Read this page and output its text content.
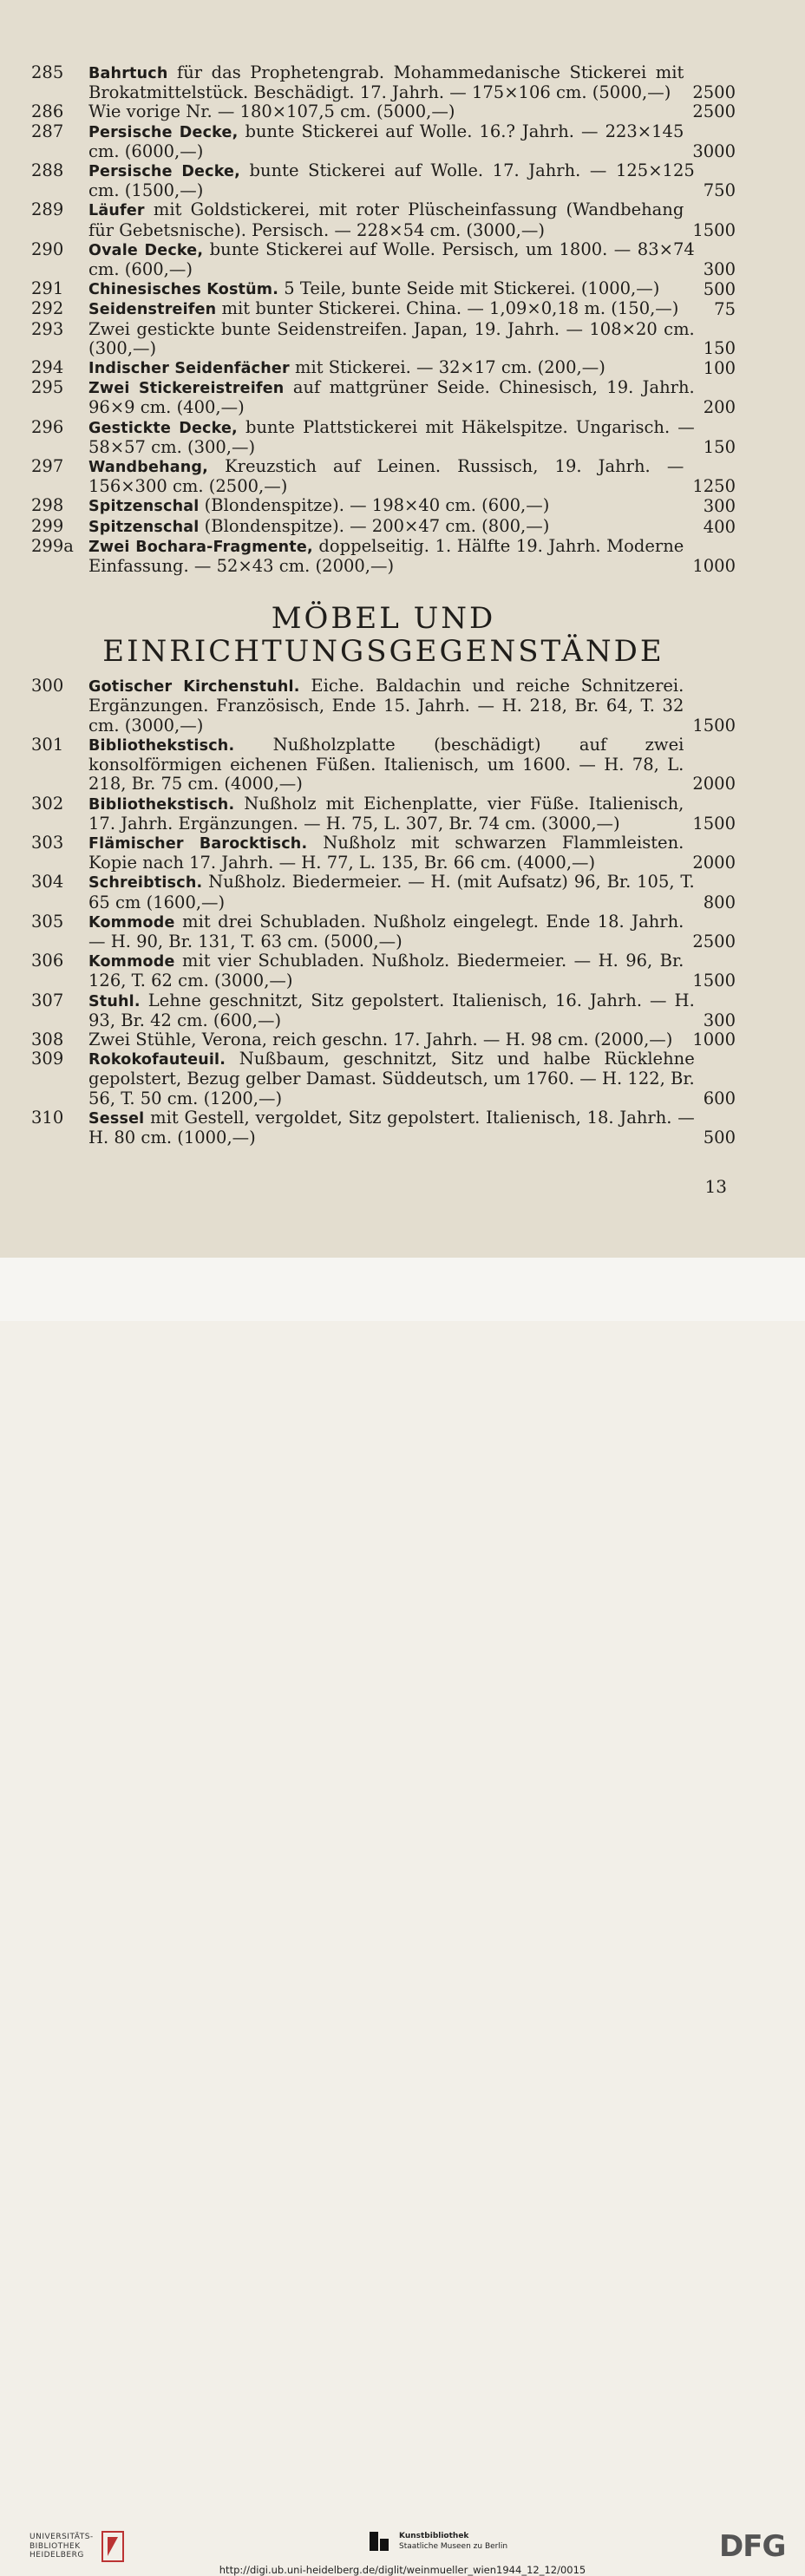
285	Bahrtuch für das Prophetengrab. Mohammedanische Stickerei mit Brokatmittelstück. Beschädigt. 17. Jahrh. — 175×106 cm. (5000,—)	2500
286	Wie vorige Nr. — 180×107,5 cm. (5000,—)	2500
287	Persische Decke, bunte Stickerei auf Wolle. 16.? Jahrh. — 223×145 cm. (6000,—)	3000
288	Persische Decke, bunte Stickerei auf Wolle. 17. Jahrh. — 125×125 cm. (1500,—)	750
289	Läufer mit Goldstickerei, mit roter Plüscheinfassung (Wandbehang für Gebetsnische). Persisch. — 228×54 cm. (3000,—)	1500
290	Ovale Decke, bunte Stickerei auf Wolle. Persisch, um 1800. — 83×74 cm. (600,—)	300
291	Chinesisches Kostüm. 5 Teile, bunte Seide mit Stickerei. (1000,—)	500
292	Seidenstreifen mit bunter Stickerei. China. — 1,09×0,18 m. (150,—) 75
293	Zwei gestickte bunte Seidenstreifen. Japan, 19. Jahrh. — 108×20 cm. (300,—)	150
294	Indischer Seidenfächer mit Stickerei. — 32×17 cm. (200,—)	100
295	Zwei Stickereistreifen auf mattgrüner Seide. Chinesisch, 19. Jahrh. 96×9 cm. (400,—)	200
296	Gestickte Decke, bunte Plattstickerei mit Häkelspitze. Ungarisch. — 58×57 cm. (300,—)	150
297	Wandbehang, Kreuzstich auf Leinen. Russisch, 19. Jahrh. — 156×300 cm. (2500,—)	1250
298	Spitzenschal (Blondenspitze). — 198×40 cm. (600,—)	300
299	Spitzenschal (Blondenspitze). — 200×47 cm. (800,—)	400
299a Zwei Bochara-Fragmente, doppelseitig. 1. Hälfte 19. Jahrh. Moderne Einfassung. — 52×43 cm. (2000,—)	1000
MÖBEL UND
EINRICHTUNGSGEGENSTÄNDE
300	Gotischer Kirchenstuhl. Eiche. Baldachin und reiche Schnitzerei. Ergänzungen. Französisch, Ende 15. Jahrh. — H. 218, Br. 64, T. 32 cm. (3000,—)	1500
301	Bibliothekstisch. Nußholzplatte (beschädigt) auf zwei konsolförmigen eichenen Füßen. Italienisch, um 1600. — H. 78, L. 218, Br. 75 cm. (4000,—)	2000
302	Bibliothekstisch. Nußholz mit Eichenplatte, vier Füße. Italienisch, 17. Jahrh. Ergänzungen. — H. 75, L. 307, Br. 74 cm. (3000,—)	1500
303	Flämischer Barocktisch. Nußholz mit schwarzen Flammleisten. Kopie nach 17. Jahrh. — H. 77, L. 135, Br. 66 cm. (4000,—)	2000
304	Schreibtisch. Nußholz. Biedermeier. — H. (mit Aufsatz) 96, Br. 105, T. 65 cm (1600,—)	800
305	Kommode mit drei Schubladen. Nußholz eingelegt. Ende 18. Jahrh. — H. 90, Br. 131, T. 63 cm. (5000,—)	2500
306	Kommode mit vier Schubladen. Nußholz. Biedermeier. — H. 96, Br. 126, T. 62 cm. (3000,—)	1500
307	Stuhl. Lehne geschnitzt, Sitz gepolstert. Italienisch, 16. Jahrh. — H. 93, Br. 42 cm. (600,—)	300
308	Zwei Stühle, Verona, reich geschn. 17. Jahrh. — H. 98 cm. (2000,—) 1000
309	Rokokofauteuil. Nußbaum, geschnitzt, Sitz und halbe Rücklehne gepolstert, Bezug gelber Damast. Süddeutsch, um 1760. — H. 122, Br. 56, T. 50 cm. (1200,—)	600
310	Sessel mit Gestell, vergoldet, Sitz gepolstert. Italienisch, 18. Jahrh. — H. 80 cm. (1000,—)	500
13
UNIVERSITÄTS-
BIBLIOTHEK
HEIDELBERG
Kunstbibliothek
Staatliche Museen zu Berlin	DFG
http://digi.ub.uni-heidelberg.de/diglit/weinmueller_wien1944_12_12/0015
